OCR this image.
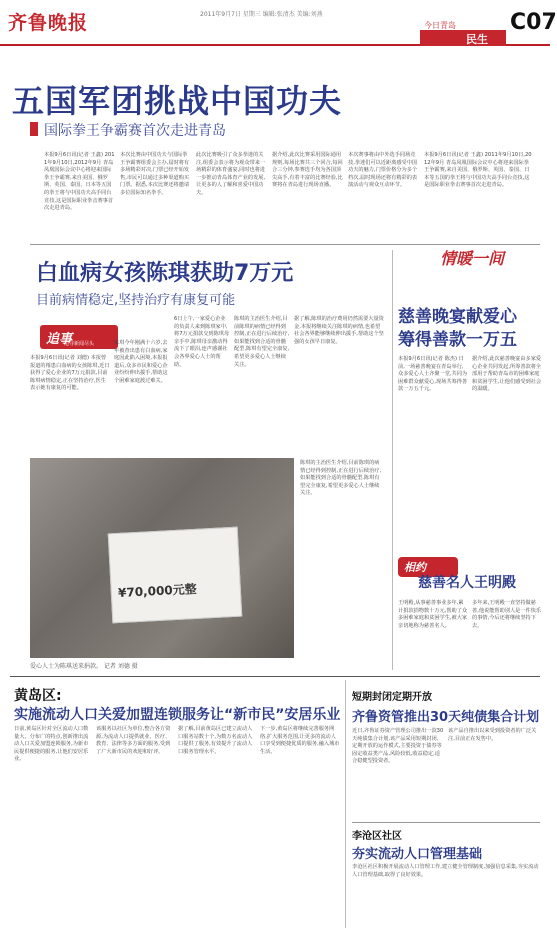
齐鲁晚报	2011年9月7日 星期三 编辑:张清杰 美编:刘燕
今日青岛
民生
C07
五国军团挑战中国功夫
国际拳王争霸赛首次走进青岛
本报9月6日讯(记者 王鑫) 2011年9月10日,2012年9月 青岛凤凰国际会议中心将迎来国际拳王争霸赛,来自美国、俄罗斯、英国、泰国、日本等五国的拳王将与中国功夫高手同台竞技,这是国际职业拳击赛事首次走进青岛。
本次比赛由中国功夫与国际拳王争霸赛组委会主办,届时将有多场精彩对决,门票已经开始发售,市民可以通过多种渠道购买门票。据悉,本次比赛还将邀请多位国际知名拳手。
此次比赛吸引了众多拳迷的关注,组委会表示将为观众带来一场精彩的体育盛宴,同时也将进一步推动青岛体育产业的发展,让更多的人了解和喜爱中国功夫。
据介绍,此次比赛采用国际通用规则,每场比赛共三个回合,每回合三分钟,参赛选手均为各国顶尖高手,有着丰富的比赛经验,比赛将在青岛进行现场直播。
本次赛事将由中外选手同场竞技,拳迷们可以近距离感受中国功夫的魅力,门票价格分为多个档次,届时现场还将有精彩的表演活动与观众互动环节。
本报9月6日讯(记者 王鑫) 2011年9月10日,2012年9月 青岛凤凰国际会议中心将迎来国际拳王争霸赛,来自美国、俄罗斯、英国、泰国、日本等五国的拳王将与中国功夫高手同台竞技,这是国际职业拳击赛事首次走进青岛。
白血病女孩陈琪获助7万元
目前病情稳定,坚持治疗有康复可能
追事
追寻新闻尽头
本报9月6日讯(记者 刘德) 本报曾报道的罹患白血病的女孩陈琪,近日获得了爱心企业的7万元捐款,目前陈琪病情稳定,正在坚持治疗,医生表示她有康复的可能。
陈琪今年刚满十六岁,去年被查出患有白血病,家庭因此陷入困境,本报报道后,众多市民和爱心企业纷纷伸出援手,帮助这个困难家庭渡过难关。
6日上午,一家爱心企业的负责人来到陈琪家中,将7万元捐款交到陈琪母亲手中,陈琪母亲激动得流下了眼泪,连声感谢社会各界爱心人士的帮助。
陈琪的主治医生介绍,目前陈琪的病情已经得到控制,正在进行后续治疗,如果能找到合适的骨髓配型,陈琪有望完全康复,希望更多爱心人士继续关注。
据了解,陈琪的治疗费用仍然需要大量资金,本报将继续关注陈琪的病情,也希望社会各界能够继续伸出援手,帮助这个坚强的女孩早日康复。
¥70,000元整
爱心人士为陈琪送来捐款。 记者 刘德 摄
陈琪的主治医生介绍,目前陈琪的病情已经得到控制,正在进行后续治疗,如果能找到合适的骨髓配型,陈琪有望完全康复,希望更多爱心人士继续关注。
情暖一间
慈善晚宴献爱心
筹得善款一万五
本报9月6日讯(记者 陈杰) 日前,一场慈善晚宴在青岛举行,众多爱心人士齐聚一堂,共同为困难群众献爱心,现场共筹得善款一万五千元。
据介绍,此次慈善晚宴由多家爱心企业共同发起,所筹善款将全部用于帮助青岛市的困难家庭和贫困学生,让他们感受到社会的温暖。
相约
慈善名人王明殿
王明殿,从事慈善事业多年,累计捐款捐物数十万元,帮助了众多困难家庭和贫困学生,被大家亲切地称为慈善名人。
多年来,王明殿一直坚持做慈善,他说能帮助别人是一件快乐的事情,今后还将继续坚持下去。
黄岛区:
实施流动人口关爱加盟连锁服务让“新市民”安居乐业
日前,黄岛区针对全区流动人口数量大、分布广的特点,创新推出流动人口关爱加盟连锁服务,为新市民提供便捷的服务,让他们安居乐业。
该服务以社区为单位,整合各方资源,为流动人口提供就业、医疗、教育、法律等多方面的服务,受到了广大新市民的欢迎和好评。
据了解,目前黄岛区已建立流动人口服务站数十个,为数万名流动人口提供了服务,有效提升了流动人口服务管理水平。
下一步,黄岛区将继续完善服务网络,扩大服务范围,让更多的流动人口享受到便捷优质的服务,融入城市生活。
短期封闭定期开放
齐鲁资管推出30天纯债集合计划
近日,齐鲁证券资产管理公司推出一款30天纯债集合计划,该产品采用短期封闭、定期开放的运作模式,主要投资于债券等固定收益类产品,风险较低,收益稳定,适合稳健型投资者。
该产品自推出以来受到投资者的广泛关注,目前正在发售中。
李沧区社区
夯实流动人口管理基础
李沧区社区积极开展流动人口管理工作,建立健全管理制度,加强信息采集,夯实流动人口管理基础,取得了良好效果。
